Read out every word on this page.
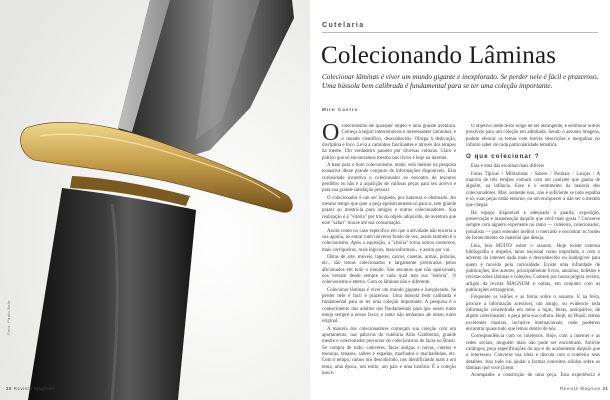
Foto: Paulo Bahr
Cutelaria
Colecionando Lâminas
Colecionar lâminas é viver um mundo gigante e inexplorado. Se perder nele é fácil e prazeroso. Uma bússola bem calibrada é fundamental para se ter uma coleção importante.
Miro Castro

Ocolecionismo de qualquer objeto é uma grande aventura. Começa a seguir intermináveis e interessantes caminhos, e o mundo científico, desconhecido. Obriga à dedicação, disciplina e foco. Leva a caminhos fascinantes e através dos tempos da mente. Um verdadeiro passeio por diversas culturas. Claro e prático que só encontramos mesmo nos livros e hoje na internet.

A base para o bom colecionismo, então, está mesmo na pesquisa exaustiva desse grande conjunto de informações disponíveis. Esta curiosidade incentiva o colecionador ao encontro de tesouros perdidos ou não e à aquisição de valiosas peças para seu acervo e para sua grande satisfação pessoal.

O colecionador é um ser inquieto, por natureza e obstinado. Ao mesmo tempo que quer a peça egoisticamente só para si, tem grande prazer ao mostrá-la para amigos e outros colecionadores. Sua realização é a "vitória" por trás do objeto adquirido, de aventura que esse "safari" trouxe até sua consumação.

Assim como no caso específico em que a atividade não encerra a sua agonia, ao entrar num universo fundo de vez, assim também é o colecionismo. Após a aquisição, a "vitória" torna outros contornos, mais corriqueiros, mais lógicos, mais informais... e assim por vai.

Obras de arte, móveis, tapetes, carros, canetas, armas, pistolas, etc., são temas colecionados e largamente procurados pelos aficionados em todo o mundo. São assuntos que não apaixonam, nos versam desde sempre e cada qual tem sua "estória". O colecionismo é eterno. Com os lâminas não é diferente.

Colecionar lâminas é viver um mundo gigante e inexplorado. Se perder nele é fácil e prazeroso. Uma bússola bem calibrada é fundamental para se ter uma coleção importante. A pesquisa é o conhecimento dos adultos dos fundamentais para que nosso rumo esteja sempre a nosso favor, e tanto não tenhamos de nosso rumo original.

A maioria dos colecionadores começam sua coleção com um aportamento, nas palavras do cutelaria Aldo Gamberini, grande mestre e colecionador precursor do colecionismo de facas no Brasil. Se compra de tudo: canivetes, facas antigas e novas, cutelos e tesouras, tenazes, sabres e espadas, machados e machadinhas, etc. Com o tempo, vamos nos descobrindo, nos identificando mais a um tema, uma época, um estilo, um país e uma história. É a coleção nasce.

O objetivo deste texto longe de ser abrangente, é estimular outros possíveis para um coleção em admirada. Sendo o assunto imagens, podem elencar os temas com breves descrições e mergulhar no infinito saber de cada particularidade temática.

O que colecionar ?

Esta é uma das escolhas mais difíceis

Facas Típicas / Militaristas / Sabres / Punhais / Lanças / A maioria de três tempos comuns com um canivete que ganha de alguém, na infância. Esse é o sentimento da maioria dos colecionadores. Mas, somente isso, não é suficiente se tudo espalha e só, suas peças estão entorno, ou um enriquecer a não ser o mesmo que chegar.

Há espaço disponível e adequado à guarda, exposição, preservação e manutenção daquilo que você mais gosta ? Converse sempre com alguém experiente no ramo — cuteleiro, colecionador, jornalista — para entender melhor o mercado e encontrar as fontes de fornecimento do material que deseja.

Leia, leia MUITO sobre o assunto. Hoje existe extensa bibliografia a respeito, tanto nacional como importada, e com o advento da internet nada mais é desconhecido ou inatingível para quem é movido pela curiosidade. Existe uma infinidade de publicações, dos autores, principalmente livros, anuários, boletins e revistas sobre lâminas e coleções. Comece por nossa própria revista, artigos da revista MAGNUM e outras, em conjunto com as publicações estrangeiras.

Frequente os leilões e as feiras sobre o assunto. E na feira, procure a informação acessível, um amigo, ou evidencie toda informação concentrada em meio a lojas, feiras, antiquários, de algum colecionador; e peça pela sua cultura. Hoje, no Brasil, temos excelentes mostras, inclusive internacionais, onde podemos encontrar quase tudo que temos dentro de nós.

Correspondência com os cuteleiros. Hoje, com a internet e as redes sociais, ninguém mais não pode ser encontrado. Solicite catálogos, peça especificações do aço e do acabamento daquilo que o interessou. Converse sua ideia e discuta com o cuteleiro seus detalhes. Isso tudo vai ajudar a formar conceitos sólidos sobre as lâminas que você já tem.

Acompanhe a construção de uma peça. Esta experiência é

20 Revista Magnum	Revista Magnum 21
